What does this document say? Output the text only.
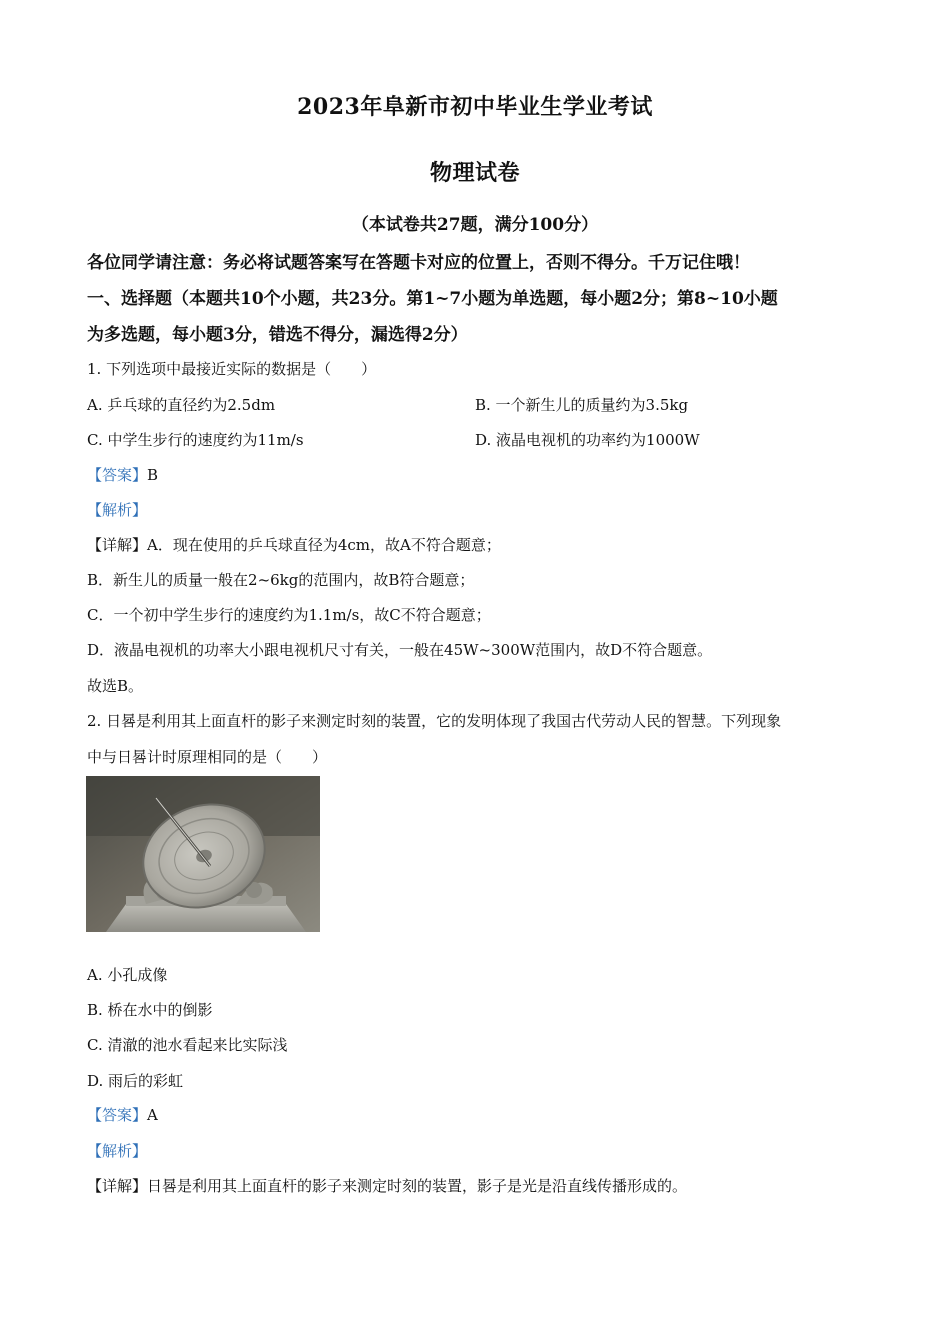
2023年阜新市初中毕业生学业考试
物理试卷
（本试卷共27题，满分100分）
各位同学请注意：务必将试题答案写在答题卡对应的位置上，否则不得分。千万记住哦！
一、选择题（本题共10个小题，共23分。第1~7小题为单选题，每小题2分；第8~10小题
为多选题，每小题3分，错选不得分，漏选得2分）
1. 下列选项中最接近实际的数据是（　　）
A. 乒乓球的直径约为2.5dm	B. 一个新生儿的质量约为3.5kg
C. 中学生步行的速度约为11m/s	D. 液晶电视机的功率约为1000W
【答案】B
【解析】
【详解】A．现在使用的乒乓球直径为4cm，故A不符合题意；
B．新生儿的质量一般在2~6kg的范围内，故B符合题意；
C．一个初中学生步行的速度约为1.1m/s，故C不符合题意；
D．液晶电视机的功率大小跟电视机尺寸有关，一般在45W~300W范围内，故D不符合题意。
故选B。
2. 日晷是利用其上面直杆的影子来测定时刻的装置，它的发明体现了我国古代劳动人民的智慧。下列现象
中与日晷计时原理相同的是（　　）
A. 小孔成像
B. 桥在水中的倒影
C. 清澈的池水看起来比实际浅
D. 雨后的彩虹
【答案】A
【解析】
【详解】日晷是利用其上面直杆的影子来测定时刻的装置，影子是光是沿直线传播形成的。
